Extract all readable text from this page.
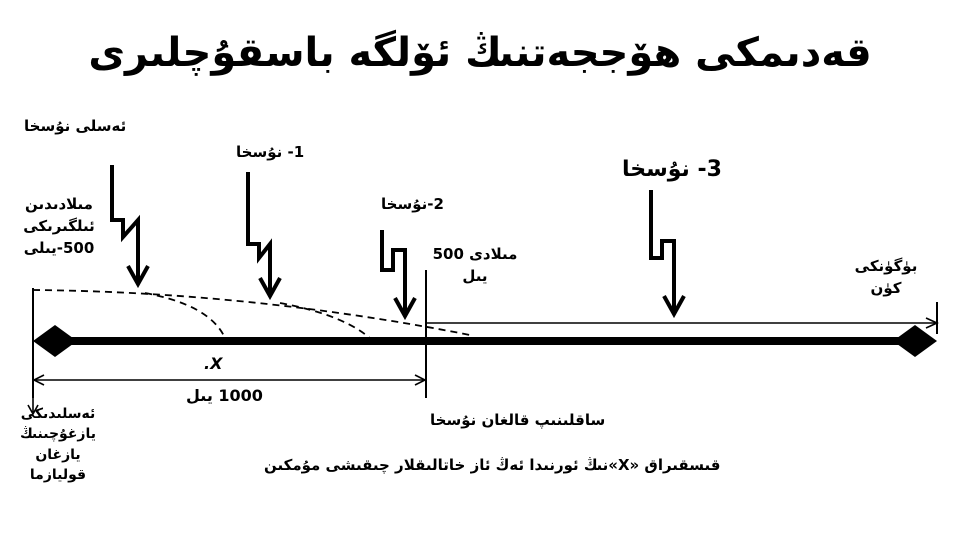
قەدىمكى ھۆججەتنىڭ ئۆلگە باسقۇچلىرى
ئەسلى نۇسخا
1- نۇسخا
2-نۇسخا
3- نۇسخا
مىلادىدىن
ئىلگىرىكى
500-يىلى	مىلادى 500
يىل
بۈگۈنكى
كۈن
X.
1000 يىل
ئەسلىدىكى
يازغۇچىنىڭ
يازغان
قوليازما
ساقلىنىپ قالغان نۇسخا
قىسقىراق «X»نىڭ ئورنىدا ئەڭ ئاز خاتالىقلار چىقىشى مۇمكىن
